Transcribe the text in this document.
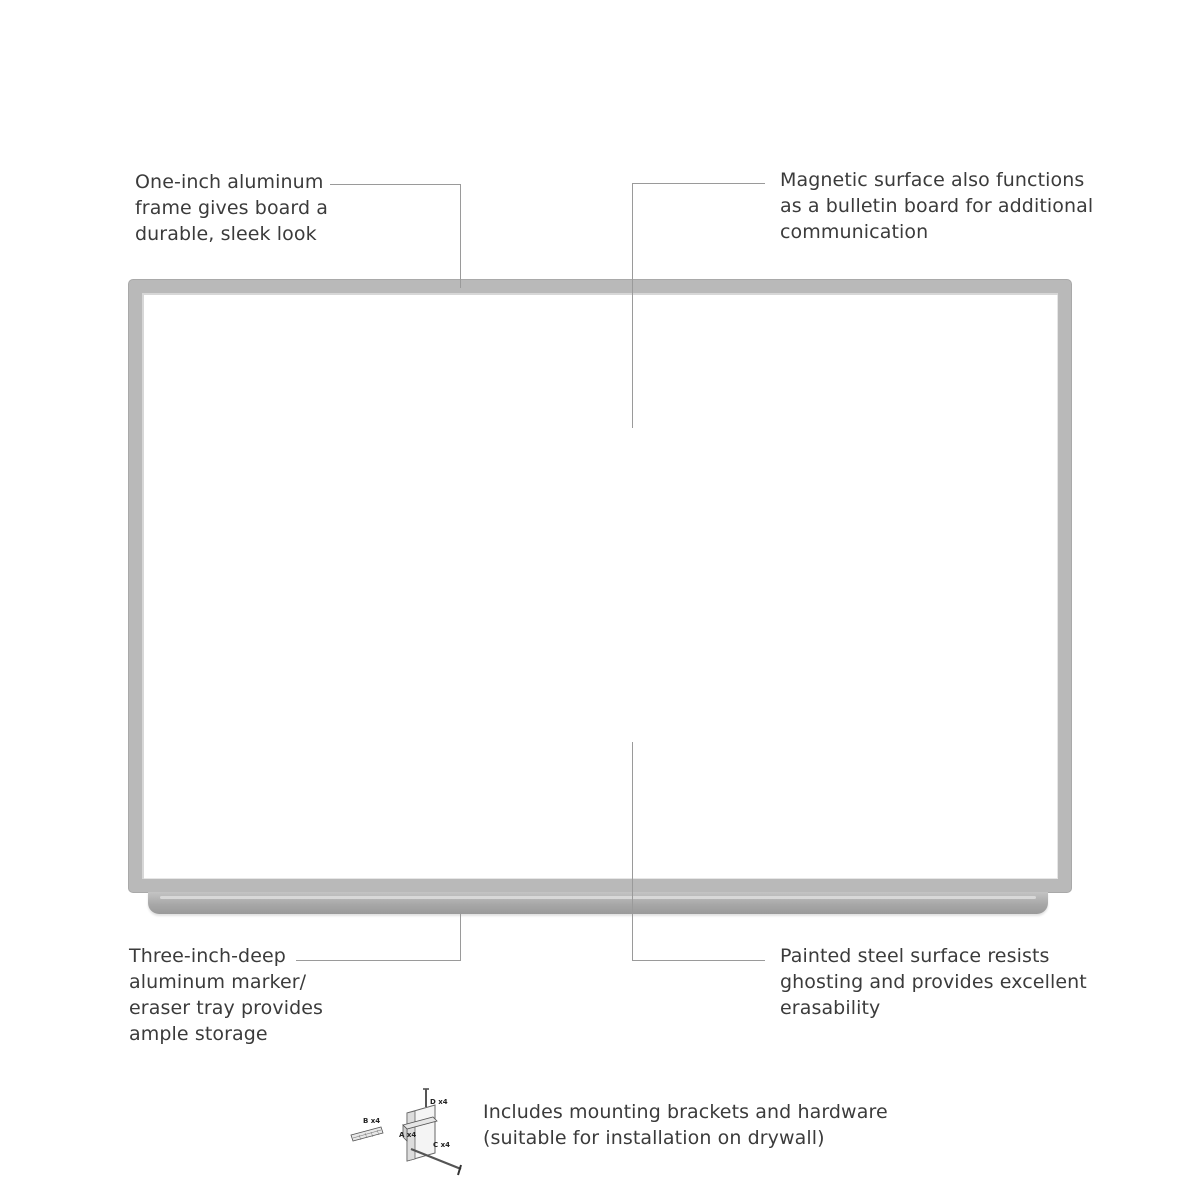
One-inch aluminum
frame gives board a
durable, sleek look
Magnetic surface also functions
as a bulletin board for additional
communication
Three-inch-deep
aluminum marker/
eraser tray provides
ample storage
Painted steel surface resists
ghosting and provides excellent
erasability
D x4
B x4
A x4
C x4
Includes mounting brackets and hardware
(suitable for installation on drywall)
